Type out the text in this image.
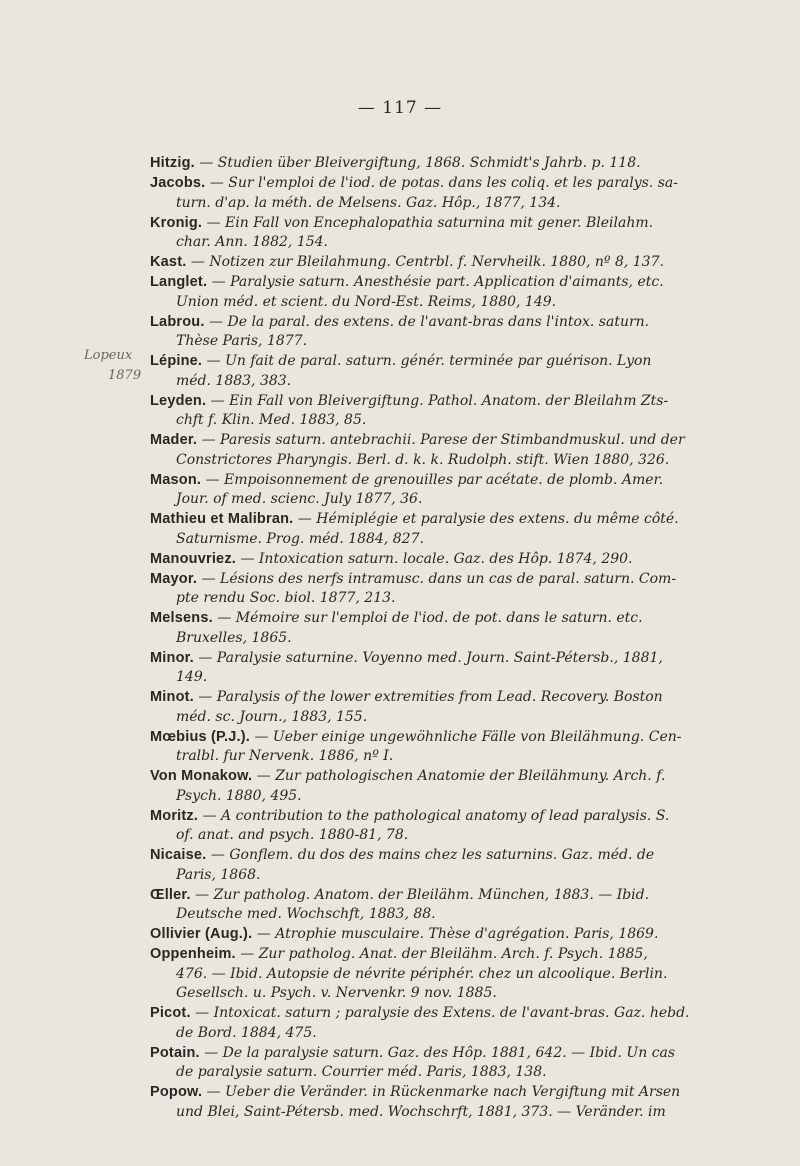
— 117 —
Lopeux
1879
Hitzig. — Studien über Bleivergiftung, 1868. Schmidt's Jahrb. p. 118.
Jacobs. — Sur l'emploi de l'iod. de potas. dans les coliq. et les paralys. sa-
turn. d'ap. la méth. de Melsens. Gaz. Hôp., 1877, 134.
Kronig. — Ein Fall von Encephalopathia saturnina mit gener. Bleilahm.
char. Ann. 1882, 154.
Kast. — Notizen zur Bleilahmung. Centrbl. f. Nervheilk. 1880, nº 8, 137.
Langlet. — Paralysie saturn. Anesthésie part. Application d'aimants, etc.
Union méd. et scient. du Nord-Est. Reims, 1880, 149.
Labrou. — De la paral. des extens. de l'avant-bras dans l'intox. saturn.
Thèse Paris, 1877.
Lépine. — Un fait de paral. saturn. génér. terminée par guérison. Lyon
méd. 1883, 383.
Leyden. — Ein Fall von Bleivergiftung. Pathol. Anatom. der Bleilahm Zts-
chft f. Klin. Med. 1883, 85.
Mader. — Paresis saturn. antebrachii. Parese der Stimbandmuskul. und der
Constrictores Pharyngis. Berl. d. k. k. Rudolph. stift. Wien 1880, 326.
Mason. — Empoisonnement de grenouilles par acétate. de plomb. Amer.
Jour. of med. scienc. July 1877, 36.
Mathieu et Malibran. — Hémiplégie et paralysie des extens. du même côté.
Saturnisme. Prog. méd. 1884, 827.
Manouvriez. — Intoxication saturn. locale. Gaz. des Hôp. 1874, 290.
Mayor. — Lésions des nerfs intramusc. dans un cas de paral. saturn. Com-
pte rendu Soc. biol. 1877, 213.
Melsens. — Mémoire sur l'emploi de l'iod. de pot. dans le saturn. etc.
Bruxelles, 1865.
Minor. — Paralysie saturnine. Voyenno med. Journ. Saint-Pétersb., 1881,
149.
Minot. — Paralysis of the lower extremities from Lead. Recovery. Boston
méd. sc. Journ., 1883, 155.
Mœbius (P.J.). — Ueber einige ungewöhnliche Fälle von Bleilähmung. Cen-
tralbl. fur Nervenk. 1886, nº I.
Von Monakow. — Zur pathologischen Anatomie der Bleilähmuny. Arch. f.
Psych. 1880, 495.
Moritz. — A contribution to the pathological anatomy of lead paralysis. S.
of. anat. and psych. 1880-81, 78.
Nicaise. — Gonflem. du dos des mains chez les saturnins. Gaz. méd. de
Paris, 1868.
Œller. — Zur patholog. Anatom. der Bleilähm. München, 1883. — Ibid.
Deutsche med. Wochschft, 1883, 88.
Ollivier (Aug.). — Atrophie musculaire. Thèse d'agrégation. Paris, 1869.
Oppenheim. — Zur patholog. Anat. der Bleilähm. Arch. f. Psych. 1885,
476. — Ibid. Autopsie de névrite périphér. chez un alcoolique. Berlin.
Gesellsch. u. Psych. v. Nervenkr. 9 nov. 1885.
Picot. — Intoxicat. saturn ; paralysie des Extens. de l'avant-bras. Gaz. hebd.
de Bord. 1884, 475.
Potain. — De la paralysie saturn. Gaz. des Hôp. 1881, 642. — Ibid. Un cas
de paralysie saturn. Courrier méd. Paris, 1883, 138.
Popow. — Ueber die Veränder. in Rückenmarke nach Vergiftung mit Arsen
und Blei, Saint-Pétersb. med. Wochschrft, 1881, 373. — Veränder. im
